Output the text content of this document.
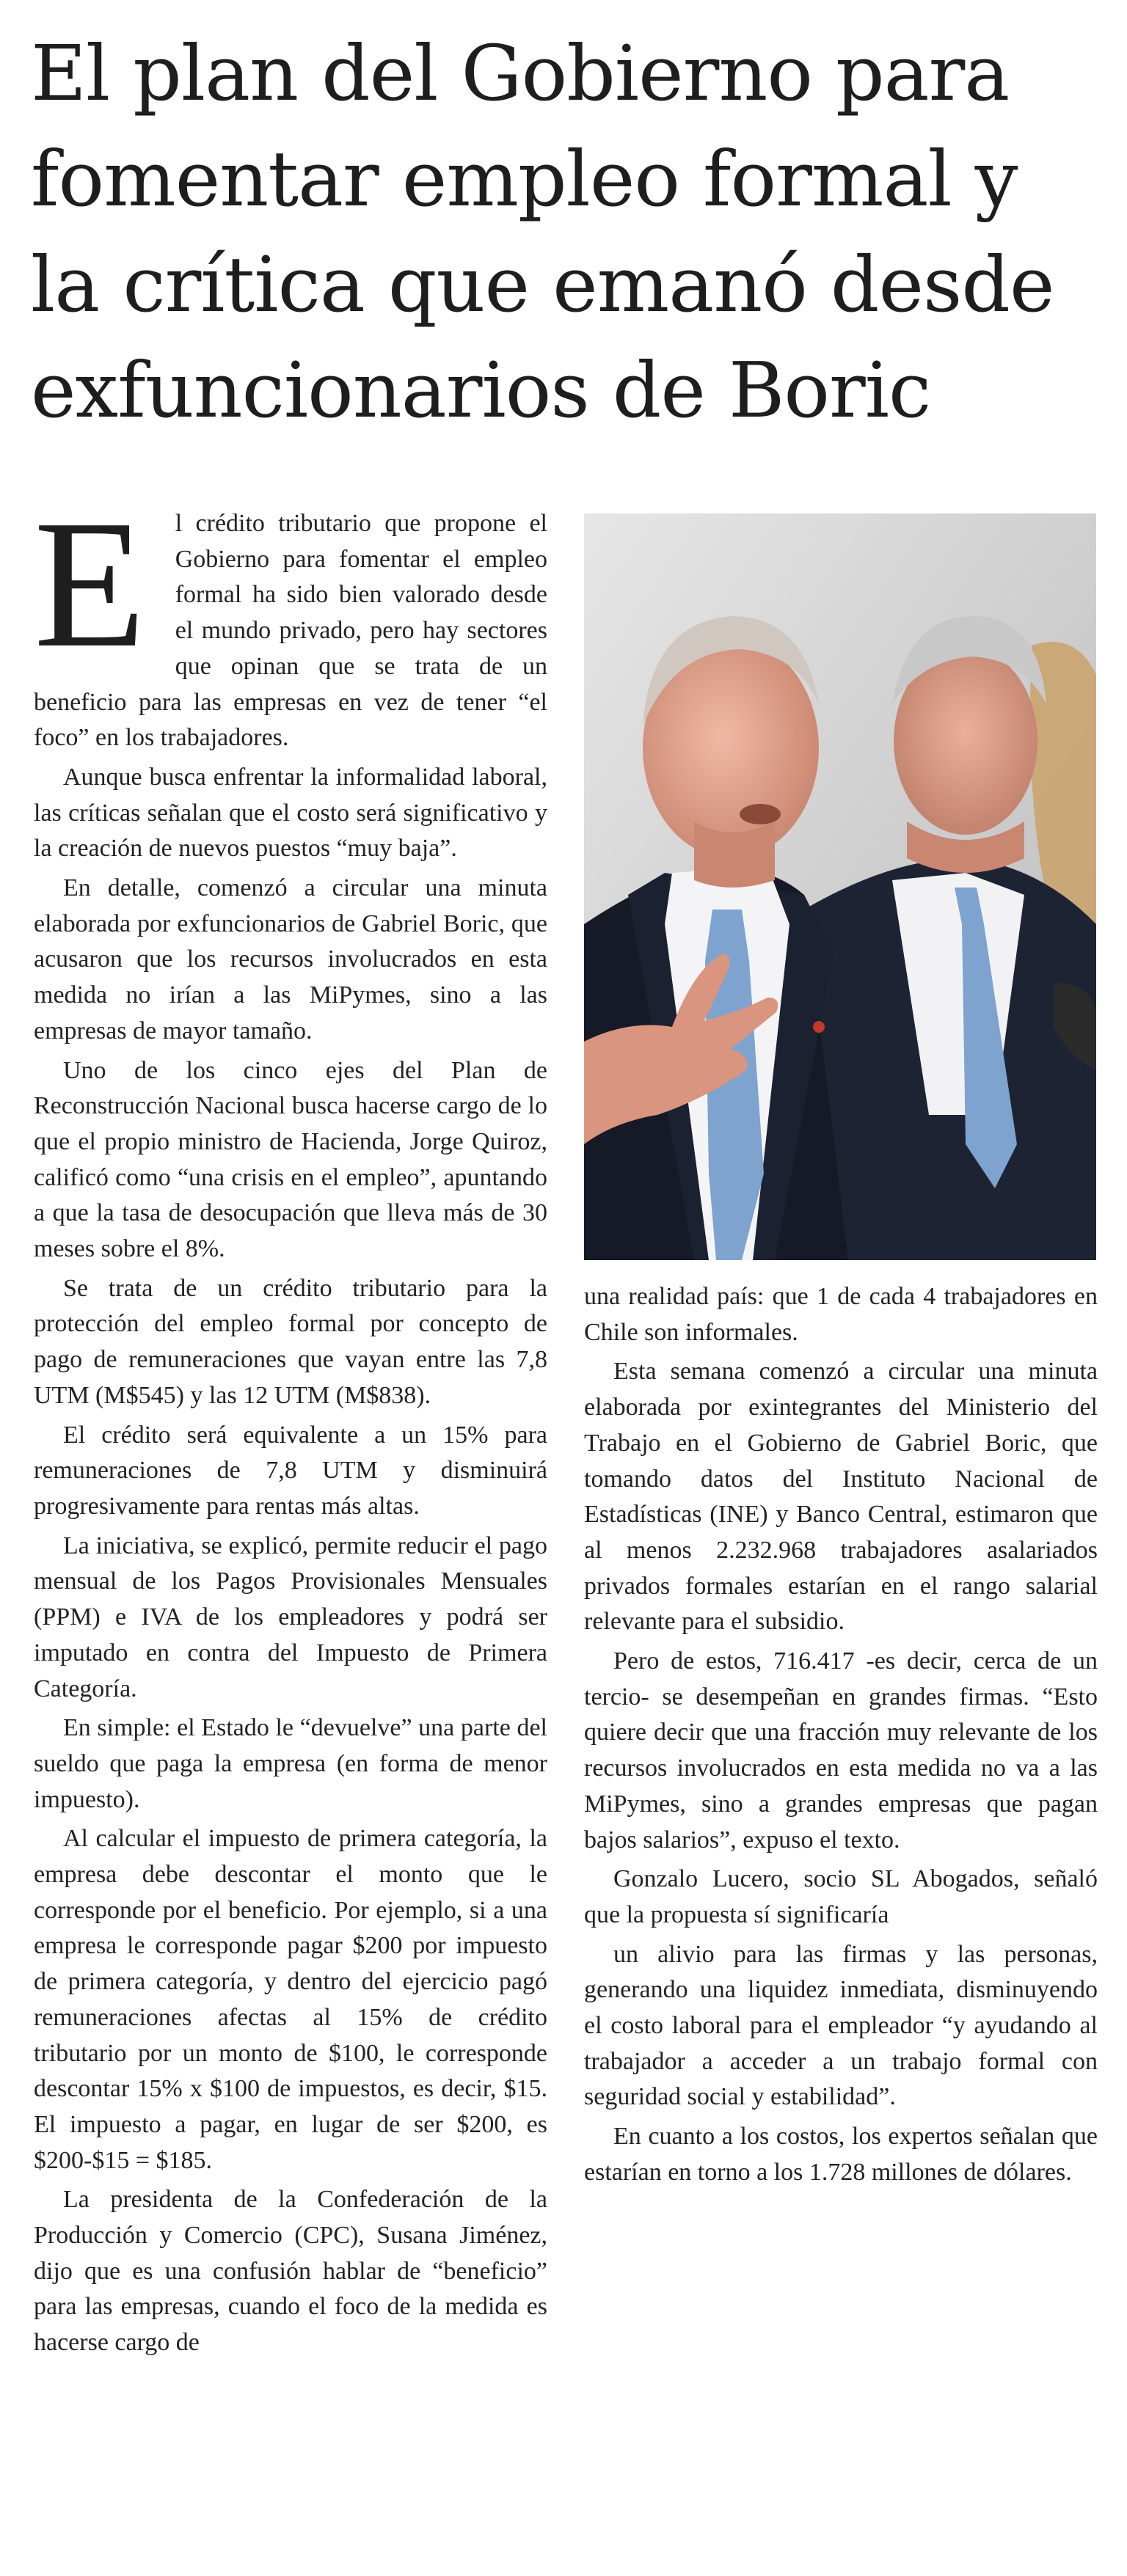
El plan del Gobierno para fomentar empleo formal y la crítica que emanó desde exfuncionarios de Boric
E	l crédito tributario que propone el Gobierno para fomentar el empleo formal ha sido bien valorado desde el mundo privado, pero hay sectores que opinan que se trata de un beneficio para las empresas en vez de tener “el foco” en los trabajadores.

Aunque busca enfrentar la informalidad laboral, las críticas señalan que el costo será significativo y la creación de nuevos puestos “muy baja”.

En detalle, comenzó a circular una minuta elaborada por exfuncionarios de Gabriel Boric, que acusaron que los recursos involucrados en esta medida no irían a las MiPymes, sino a las empresas de mayor tamaño.

Uno de los cinco ejes del Plan de Reconstrucción Nacional busca hacerse cargo de lo que el propio ministro de Hacienda, Jorge Quiroz, calificó como “una crisis en el empleo”, apuntando a que la tasa de desocupación que lleva más de 30 meses sobre el 8%.

Se trata de un crédito tributario para la protección del empleo formal por concepto de pago de remuneraciones que vayan entre las 7,8 UTM (M$545) y las 12 UTM (M$838).

El crédito será equivalente a un 15% para remuneraciones de 7,8 UTM y disminuirá progresivamente para rentas más altas.

La iniciativa, se explicó, permite reducir el pago mensual de los Pagos Provisionales Mensuales (PPM) e IVA de los empleadores y podrá ser imputado en contra del Impuesto de Primera Categoría.

En simple: el Estado le “devuelve” una parte del sueldo que paga la empresa (en forma de menor impuesto).

Al calcular el impuesto de primera categoría, la empresa debe descontar el monto que le corresponde por el beneficio. Por ejemplo, si a una empresa le corresponde pagar $200 por impuesto de primera categoría, y dentro del ejercicio pagó remuneraciones afectas al 15% de crédito tributario por un monto de $100, le corresponde descontar 15% x $100 de impuestos, es decir, $15. El impuesto a pagar, en lugar de ser $200, es $200-$15 = $185.

La presidenta de la Confederación de la Producción y Comercio (CPC), Susana Jiménez, dijo que es una confusión hablar de “beneficio” para las empresas, cuando el foco de la medida es hacerse cargo de

una realidad país: que 1 de cada 4 trabajadores en Chile son informales.

Esta semana comenzó a circular una minuta elaborada por exintegrantes del Ministerio del Trabajo en el Gobierno de Gabriel Boric, que tomando datos del Instituto Nacional de Estadísticas (INE) y Banco Central, estimaron que al menos 2.232.968 trabajadores asalariados privados formales estarían en el rango salarial relevante para el subsidio.

Pero de estos, 716.417 -es decir, cerca de un tercio- se desempeñan en grandes firmas. “Esto quiere decir que una fracción muy relevante de los recursos involucrados en esta medida no va a las MiPymes, sino a grandes empresas que pagan bajos salarios”, expuso el texto.

Gonzalo Lucero, socio SL Abogados, señaló que la propuesta sí significaría

un alivio para las firmas y las personas, generando una liquidez inmediata, disminuyendo el costo laboral para el empleador “y ayudando al trabajador a acceder a un trabajo formal con seguridad social y estabilidad”.

En cuanto a los costos, los expertos señalan que estarían en torno a los 1.728 millones de dólares.
